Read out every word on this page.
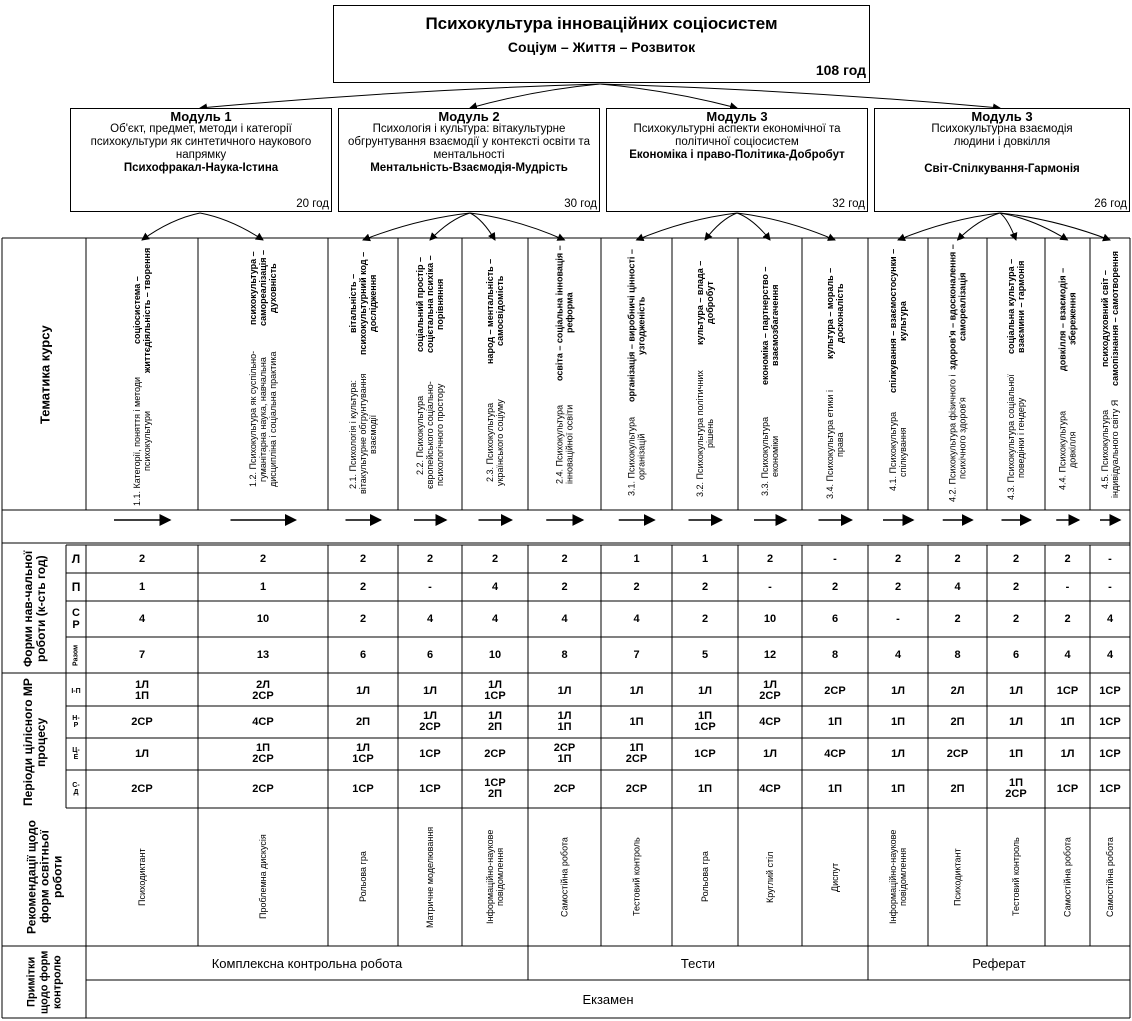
Психокультура інноваційних соціосистем
Соціум – Життя – Розвиток
108 год
Модуль 1
Об'єкт, предмет, методи і категорії психокультури як синтетичного наукового напрямку
Психофракал-Наука-Істина
20 год
Модуль 2
Психологія і культура: вітакультурне обгрунтування взаємодії у контексті освіти та ментальності
Ментальність-Взаємодія-Мудрість
30 год
Модуль 3
Психокультурні аспекти економічної та політичної соціосистем
Економіка і право-Політика-Добробут
32 год
Модуль 3
Психокультурна взаємодія людини і довкілля
Світ-Спілкування-Гармонія
26 год
Тематика курсу
Форми нав-чальної роботи (к-сть год)
Періоди цілісного МР процесу
Рекомендації щодо форм освітньої роботи
Примітки щодо форм контролю
Л
П
С Р
Разом
І-П
Н-Р
Ц-Е
С-Д
Комплексна контрольна робота	Тести	Реферат
Екзамен
1.1. Категорії, поняття і методи психокультури

соціосистема – життєдіяльність – творення
2
1
4
7
1Л
1П
2СР
1Л
2СР
Психодиктант
1.2. Психокультура як суспільно-гуманітарна наука, навчальна дисципліна і соціальна практика

психокультура – самореалізація – духовність
2
1
10
13
2Л
2СР
4СР
1П
2СР
2СР
Проблемна дискусія
2.1. Психологія і культура: вітакультурне обгрунтування взаємодії

вітальність – психокультурний код – дослідження
2
2
2
6
1Л
2П
1Л
1СР
1СР
Рольова гра
2.2. Психокультура європейського соціально-психологічного простору

соціальний простір – соцієтальна психіка – порівняння
2
-
4
6
1Л
1Л
2СР
1СР
1СР
Матричне моделювання
2.3. Психокультура українського соціуму

народ – ментальність – самосвідомість
2
4
4
10
1Л
1СР
1Л
2П
2СР
1СР
2П
Інформаційно-наукове повідомлення
2.4. Психокультура інноваційної освіти

освіта – соціальна інновація – реформа
2
2
4
8
1Л
1Л
1П
2СР
1П
2СР
Самостійна робота
3.1. Психокультура організацій

організація – виробничі цінності – узгодженість
1
2
4
7
1Л
1П
1П
2СР
2СР
Тестовий контроль
3.2. Психокультура політичних рішень

культура – влада – добробут
1
2
2
5
1Л
1П
1СР
1СР
1П
Рольова гра
3.3. Психокультура економіки

економіка – партнерство – взаємозбагачення
2
-
10
12
1Л
2СР
4СР
1Л
4СР
Круглий стіл
3.4. Психокультура етики і права

культура – мораль – досконалість
-
2
6
8
2СР
1П
4СР
1П
Диспут
4.1. Психокультура спілкування

спілкування – взаємостосунки – культура
2
2
-
4
1Л
1П
1Л
1П
Інформаційно-наукове повідомлення
4.2. Психокультура фізичного і психічного здоров'я

здоров'я – вдосконалення – самореалізація
2
4
2
8
2Л
2П
2СР
2П
Психодиктант
4.3. Психокультура соціальної поведінки і гендеру

соціальна культура – взаємини – гармонія
2
2
2
6
1Л
1Л
1П
1П
2СР
Тестовий контроль
4.4. Психокультура довкілля

довкілля – взаємодія – збереження
2
-
2
4
1СР
1П
1Л
1СР
Самостійна робота
4.5. Психокультура індивідуального світу Я

психодуховний світ – самопізнання – самотворення
-
-
4
4
1СР
1СР
1СР
1СР
Самостійна робота
